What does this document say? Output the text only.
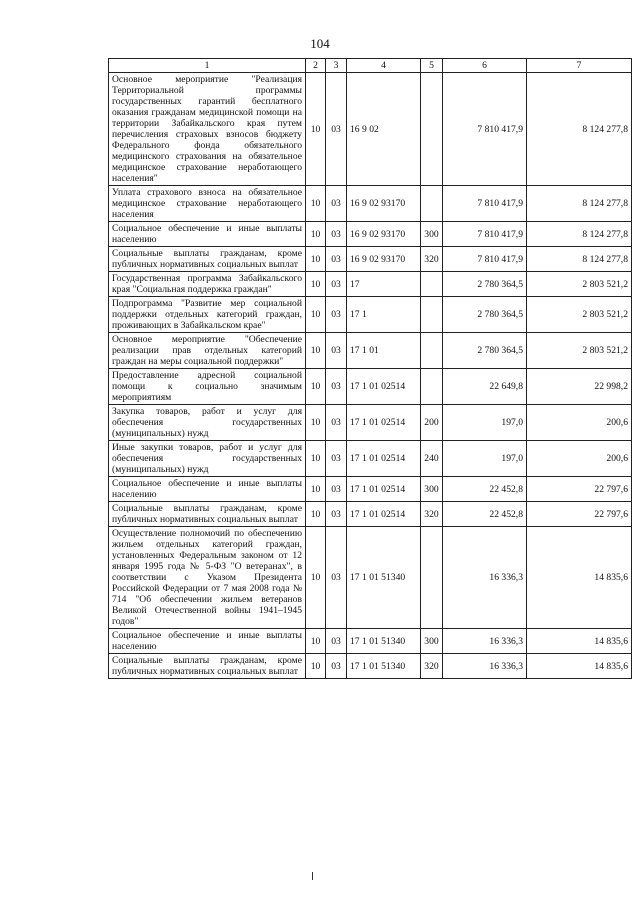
104
1	2	3	4	5	6	7
Основное мероприятие "Реализация Территориальной программы государственных гарантий бесплатного оказания гражданам медицинской помощи на территории Забайкальского края путем перечисления страховых взносов бюджету Федерального фонда обязательного медицинского страхования на обязательное медицинское страхование неработающего населения"	10	03	16 9 02		7 810 417,9	8 124 277,8
Уплата страхового взноса на обязательное медицинское страхование неработающего населения	10	03	16 9 02 93170		7 810 417,9	8 124 277,8
Социальное обеспечение и иные выплаты населению	10	03	16 9 02 93170	300	7 810 417,9	8 124 277,8
Социальные выплаты гражданам, кроме публичных нормативных социальных выплат	10	03	16 9 02 93170	320	7 810 417,9	8 124 277,8
Государственная программа Забайкальского края "Социальная поддержка граждан"	10	03	17		2 780 364,5	2 803 521,2
Подпрограмма "Развитие мер социальной поддержки отдельных категорий граждан, проживающих в Забайкальском крае"	10	03	17 1		2 780 364,5	2 803 521,2
Основное мероприятие "Обеспечение реализации прав отдельных категорий граждан на меры социальной поддержки"	10	03	17 1 01		2 780 364,5	2 803 521,2
Предоставление адресной социальной помощи к социально значимым мероприятиям	10	03	17 1 01 02514		22 649,8	22 998,2
Закупка товаров, работ и услуг для обеспечения государственных (муниципальных) нужд	10	03	17 1 01 02514	200	197,0	200,6
Иные закупки товаров, работ и услуг для обеспечения государственных (муниципальных) нужд	10	03	17 1 01 02514	240	197,0	200,6
Социальное обеспечение и иные выплаты населению	10	03	17 1 01 02514	300	22 452,8	22 797,6
Социальные выплаты гражданам, кроме публичных нормативных социальных выплат	10	03	17 1 01 02514	320	22 452,8	22 797,6
Осуществление полномочий по обеспечению жильем отдельных категорий граждан, установленных Федеральным законом от 12 января 1995 года № 5-ФЗ "О ветеранах", в соответствии с Указом Президента Российской Федерации от 7 мая 2008 года № 714 "Об обеспечении жильем ветеранов Великой Отечественной войны 1941–1945 годов"	10	03	17 1 01 51340		16 336,3	14 835,6
Социальное обеспечение и иные выплаты населению	10	03	17 1 01 51340	300	16 336,3	14 835,6
Социальные выплаты гражданам, кроме публичных нормативных социальных выплат	10	03	17 1 01 51340	320	16 336,3	14 835,6
